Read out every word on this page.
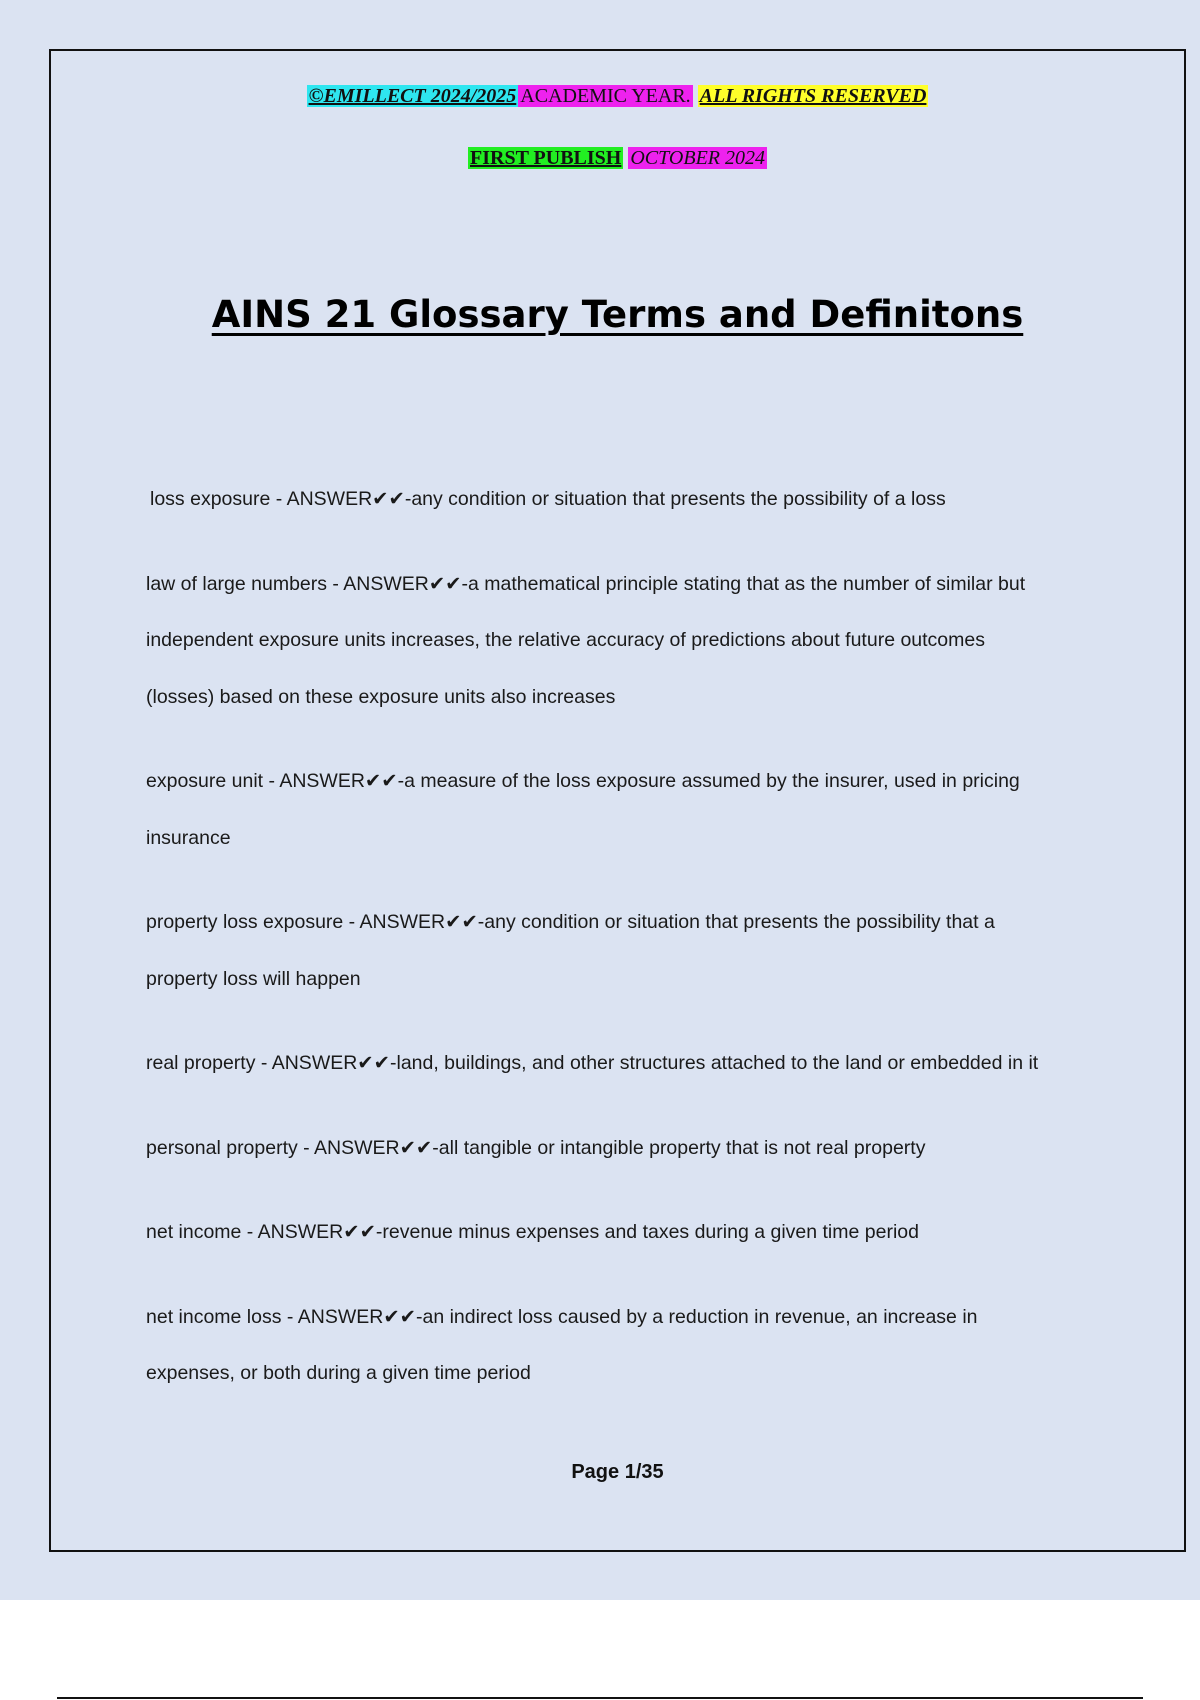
©EMILLECT 2024/2025 ACADEMIC YEAR. ALL RIGHTS RESERVED
FIRST PUBLISH OCTOBER 2024
AINS 21 Glossary Terms and Definitons

loss exposure - ANSWER✔✔-any condition or situation that presents the possibility of a loss

law of large numbers - ANSWER✔✔-a mathematical principle stating that as the number of similar but

independent exposure units increases, the relative accuracy of predictions about future outcomes

(losses) based on these exposure units also increases

exposure unit - ANSWER✔✔-a measure of the loss exposure assumed by the insurer, used in pricing

insurance

property loss exposure - ANSWER✔✔-any condition or situation that presents the possibility that a

property loss will happen

real property - ANSWER✔✔-land, buildings, and other structures attached to the land or embedded in it

personal property - ANSWER✔✔-all tangible or intangible property that is not real property

net income - ANSWER✔✔-revenue minus expenses and taxes during a given time period

net income loss - ANSWER✔✔-an indirect loss caused by a reduction in revenue, an increase in

expenses, or both during a given time period

Page 1/35
